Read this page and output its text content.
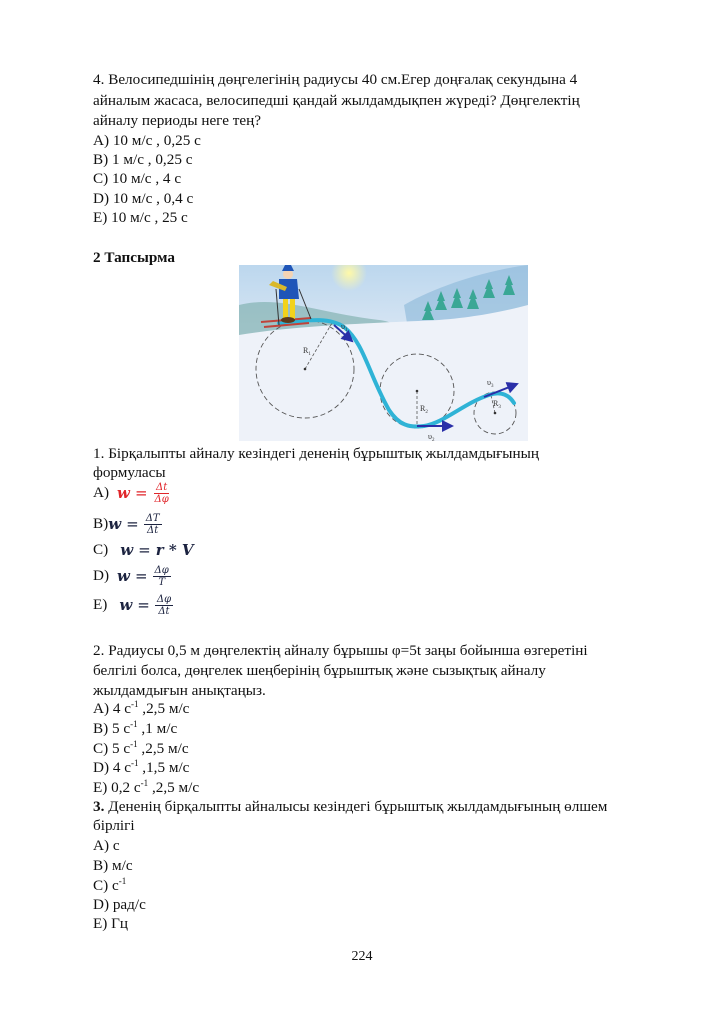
4. Велосипедшінің дөңгелегінің радиусы 40 см.Егер доңғалақ секундына 4
айналым жасаса, велосипедші қандай жылдамдықпен жүреді? Дөңгелектің
айналу периоды неге тең?
A) 10 м/с , 0,25 с
B) 1 м/с , 0,25 с
C) 10 м/с , 4 с
D) 10 м/с , 0,4 с
E) 10 м/с , 25 с
2 Тапсырма
$R_1$
$R_2$
$R_3$
$\upsilon_1$
$\upsilon_2$
$\upsilon_3$
1. Бірқалыпты айналу кезіндегі дененің бұрыштық жылдамдығының
формуласы
A) $w = \frac{\Delta t}{\Delta\varphi}$
B) $w = \frac{\Delta T}{\Delta t}$
C) w = r * V
D) $w = \frac{\Delta\varphi}{T}$
E) $w = \frac{\Delta\varphi}{\Delta t}$
2. Радиусы 0,5 м дөңгелектің айналу бұрышы φ=5t заңы бойынша өзгеретіні
белгілі болса, дөңгелек шеңберінің бұрыштық және сызықтық айналу
жылдамдығын анықтаңыз.
A) 4 $с^{-1}$ ,2,5 м/с
B) 5 $с^{-1}$ ,1 м/с
C) 5 $с^{-1}$ ,2,5 м/с
D) 4 $с^{-1}$ ,1,5 м/с
E) 0,2 $с^{-1}$ ,2,5 м/с
3. Дененің бірқалыпты айналысы кезіндегі бұрыштық жылдамдығының өлшем
бірлігі
A) с
B) м/с
C) $с^{-1}$
D) рад/с
E) Гц
224
